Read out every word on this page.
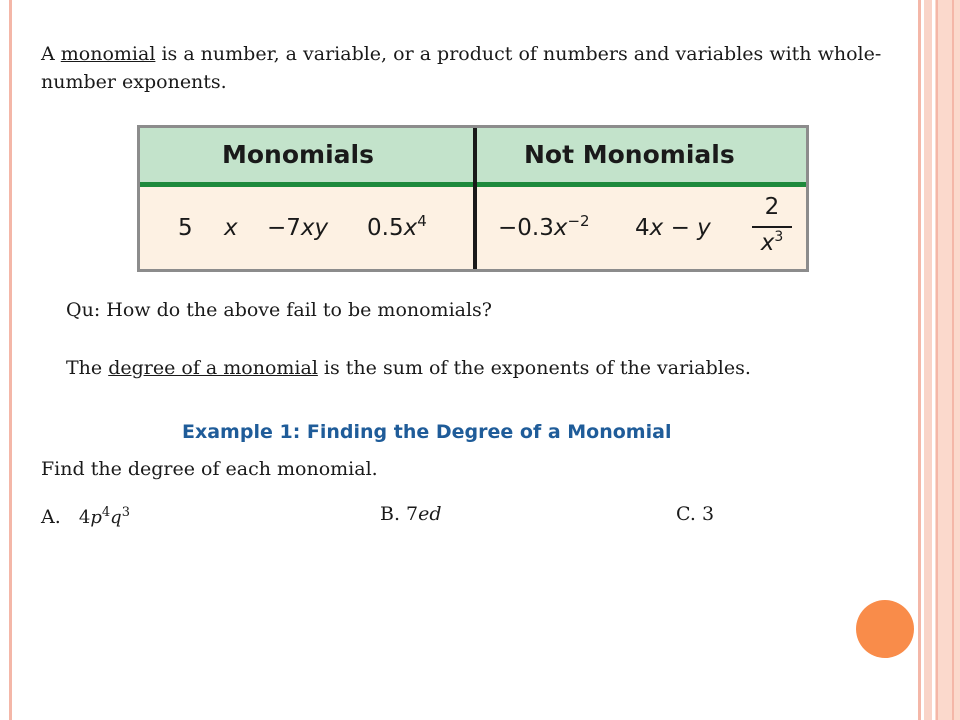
A monomial is a number, a variable, or a product of numbers and variables with whole-number exponents.
Monomials	Not Monomials
5 x −7xy $0.5x^4$	$-0.3x^{-2}$ 4x − y
2
$x^3$
Qu: How do the above fail to be monomials?
The degree of a monomial is the sum of the exponents of the variables.
Example 1: Finding the Degree of a Monomial
Find the degree of each monomial.
A. $4p^4q^3$	B. 7ed	C. 3
